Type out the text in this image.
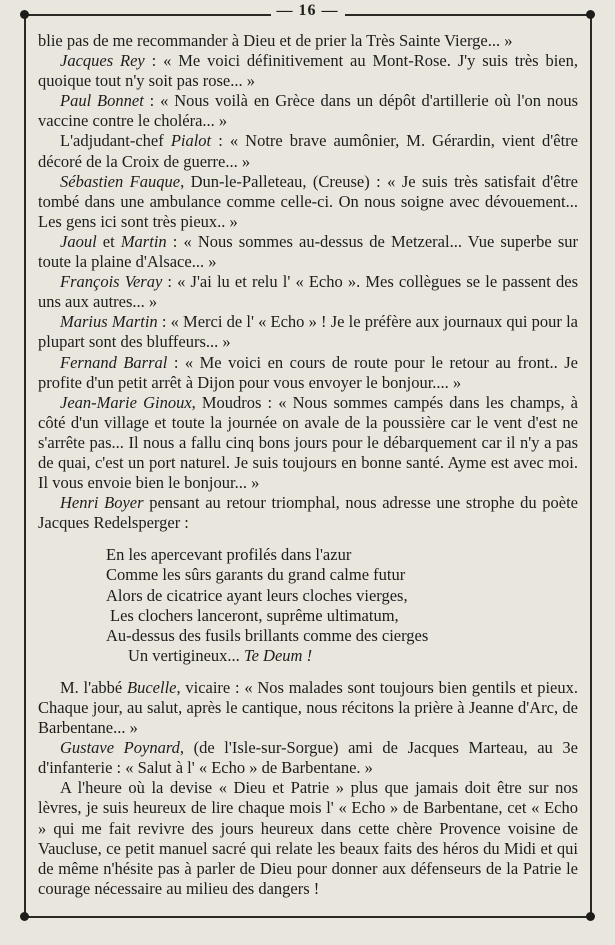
— 16 —

blie pas de me recommander à Dieu et de prier la Très Sainte Vierge... »

Jacques Rey : « Me voici définitivement au Mont-Rose. J'y suis très bien, quoique tout n'y soit pas rose... »

Paul Bonnet : « Nous voilà en Grèce dans un dépôt d'artillerie où l'on nous vaccine contre le choléra... »

L'adjudant-chef Pialot : « Notre brave aumônier, M. Gérardin, vient d'être décoré de la Croix de guerre... »

Sébastien Fauque, Dun-le-Palleteau, (Creuse) : « Je suis très satisfait d'être tombé dans une ambulance comme celle-ci. On nous soigne avec dévouement... Les gens ici sont très pieux.. »

Jaoul et Martin : « Nous sommes au-dessus de Metzeral... Vue superbe sur toute la plaine d'Alsace... »

François Veray : « J'ai lu et relu l' « Echo ». Mes collègues se le passent des uns aux autres... »

Marius Martin : « Merci de l' « Echo » ! Je le préfère aux journaux qui pour la plupart sont des bluffeurs... »

Fernand Barral : « Me voici en cours de route pour le retour au front.. Je profite d'un petit arrêt à Dijon pour vous envoyer le bonjour.... »

Jean-Marie Ginoux, Moudros : « Nous sommes campés dans les champs, à côté d'un village et toute la journée on avale de la poussière car le vent d'est ne s'arrête pas... Il nous a fallu cinq bons jours pour le débarquement car il n'y a pas de quai, c'est un port naturel. Je suis toujours en bonne santé. Ayme est avec moi. Il vous envoie bien le bonjour... »

Henri Boyer pensant au retour triomphal, nous adresse une strophe du poète Jacques Redelsperger :

En les apercevant profilés dans l'azur
Comme les sûrs garants du grand calme futur
Alors de cicatrice ayant leurs cloches vierges,
Les clochers lanceront, suprême ultimatum,
Au-dessus des fusils brillants comme des cierges
Un vertigineux... Te Deum !

M. l'abbé Bucelle, vicaire : « Nos malades sont toujours bien gentils et pieux. Chaque jour, au salut, après le cantique, nous récitons la prière à Jeanne d'Arc, de Barbentane... »

Gustave Poynard, (de l'Isle-sur-Sorgue) ami de Jacques Marteau, au 3e d'infanterie : « Salut à l' « Echo » de Barbentane. »

A l'heure où la devise « Dieu et Patrie » plus que jamais doit être sur nos lèvres, je suis heureux de lire chaque mois l' « Echo » de Barbentane, cet « Echo » qui me fait revivre des jours heureux dans cette chère Provence voisine de Vaucluse, ce petit manuel sacré qui relate les beaux faits des héros du Midi et qui de même n'hésite pas à parler de Dieu pour donner aux défenseurs de la Patrie le courage nécessaire au milieu des dangers !
